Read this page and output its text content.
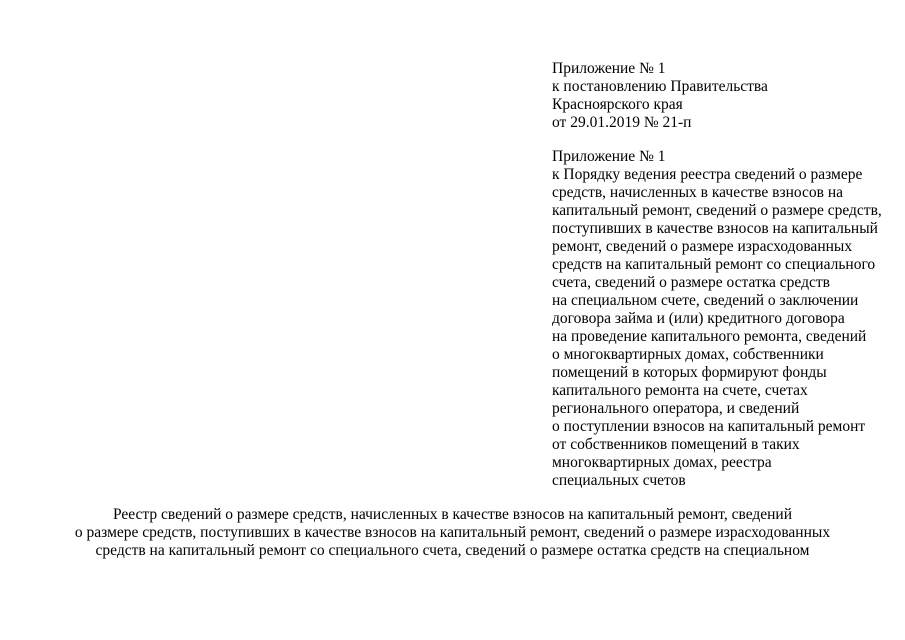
Приложение № 1

к постановлению Правительства

Красноярского края

от 29.01.2019 № 21-п

Приложение № 1

к Порядку ведения реестра сведений о размере

средств, начисленных в качестве взносов на

капитальный ремонт, сведений о размере средств,

поступивших в качестве взносов на капитальный

ремонт, сведений о размере израсходованных

средств на капитальный ремонт со специального

счета, сведений о размере остатка средств

на специальном счете, сведений о заключении

договора займа и (или) кредитного договора

на проведение капитального ремонта, сведений

о многоквартирных домах, собственники

помещений в которых формируют фонды

капитального ремонта на счете, счетах

регионального оператора, и сведений

о поступлении взносов на капитальный ремонт

от собственников помещений в таких

многоквартирных домах, реестра

специальных счетов

Реестр сведений о размере средств, начисленных в качестве взносов на капитальный ремонт, сведений

о размере средств, поступивших в качестве взносов на капитальный ремонт, сведений о размере израсходованных

средств на капитальный ремонт со специального счета, сведений о размере остатка средств на специальном
